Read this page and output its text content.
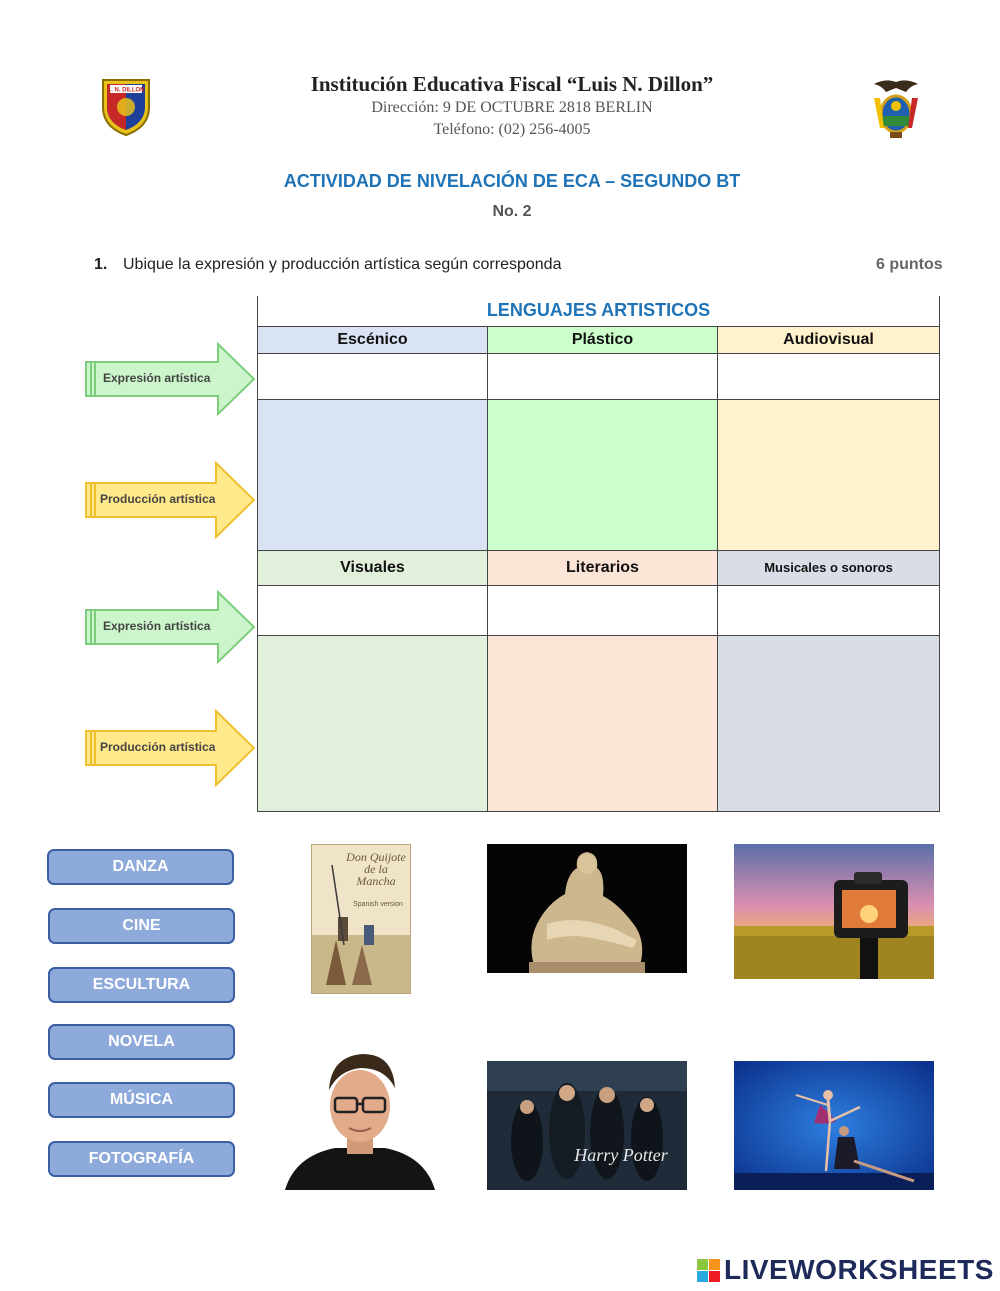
L. N. DILLON	Institución Educativa Fiscal “Luis N. Dillon”
Dirección: 9 DE OCTUBRE 2818 BERLIN
Teléfono: (02) 256-4005
ACTIVIDAD DE NIVELACIÓN DE ECA – SEGUNDO BT
No. 2
1. Ubique la expresión y producción artística según corresponda	6 puntos
LENGUAJES ARTISTICOS
Escénico	Plástico	Audiovisual
Visuales	Literarios	Musicales o sonoros
Expresión artística
Producción artística
Expresión artística
Producción artística
DANZA
CINE
ESCULTURA
NOVELA
MÚSICA
FOTOGRAFÍA
Don Quijote de la Mancha
Spanish version
Harry Potter
LIVEWORKSHEETS
